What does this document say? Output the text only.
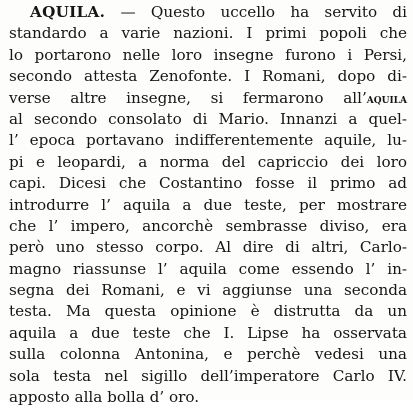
AQUILA. — Questo uccello ha servito di
standardo a varie nazioni. I primi popoli che
lo portarono nelle loro insegne furono i Persi,
secondo attesta Zenofonte. I Romani, dopo di-
verse altre insegne, si fermarono all’aquila
al secondo consolato di Mario. Innanzi a quel-
l’ epoca portavano indifferentemente aquile, lu-
pi e leopardi, a norma del capriccio dei loro
capi. Dicesi che Costantino fosse il primo ad
introdurre l’ aquila a due teste, per mostrare
che l’ impero, ancorchè sembrasse diviso, era
però uno stesso corpo. Al dire di altri, Carlo-
magno riassunse l’ aquila come essendo l’ in-
segna dei Romani, e vi aggiunse una seconda
testa. Ma questa opinione è distrutta da un
aquila a due teste che I. Lipse ha osservata
sulla colonna Antonina, e perchè vedesi una
sola testa nel sigillo dell’imperatore Carlo IV.
apposto alla bolla d’ oro.
